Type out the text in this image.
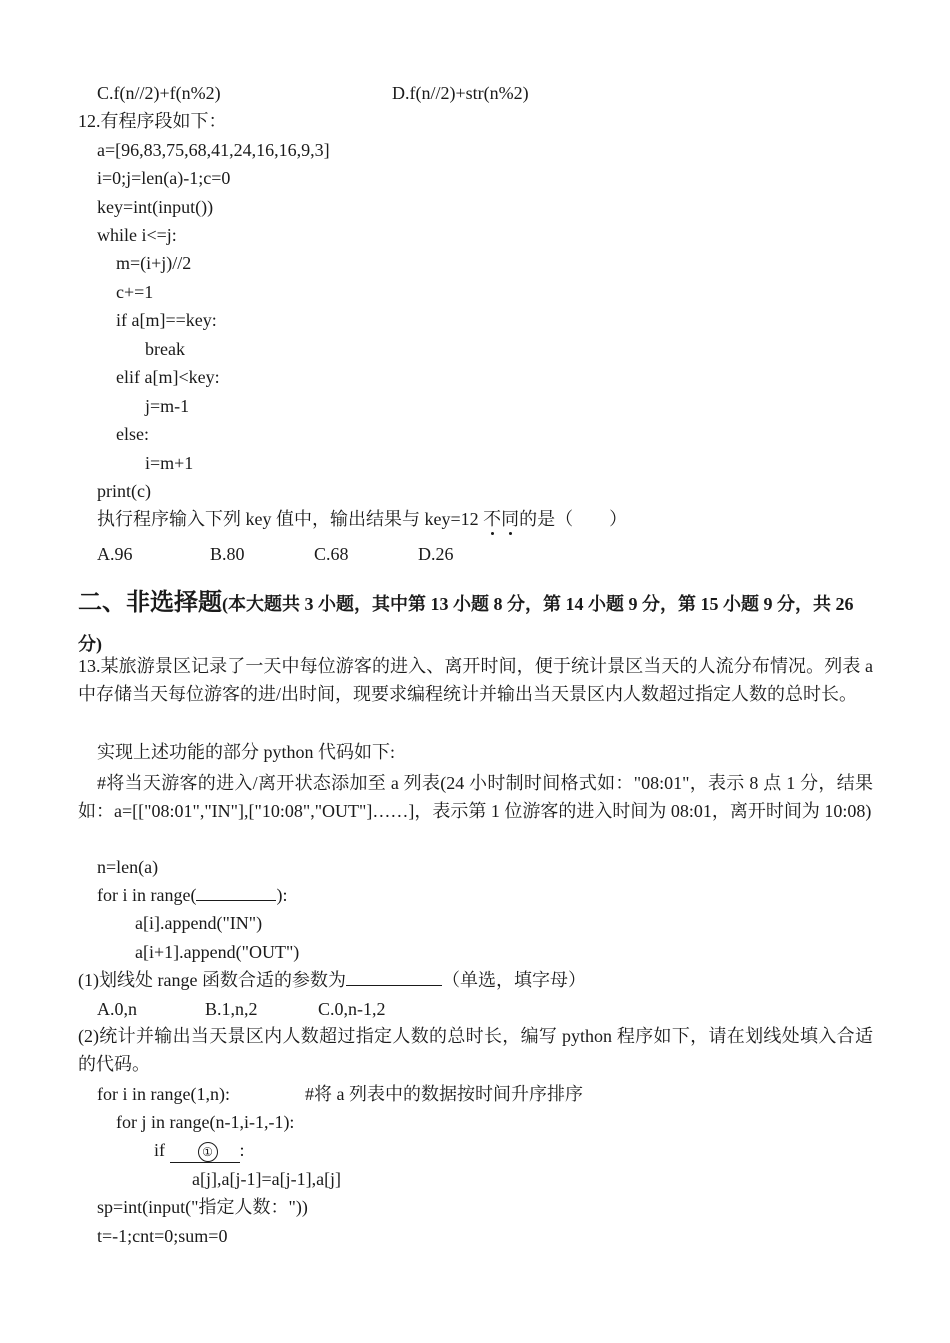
C.f(n//2)+f(n%2)	D.f(n//2)+str(n%2)
12.有程序段如下：
a=[96,83,75,68,41,24,16,16,9,3]
i=0;j=len(a)-1;c=0
key=int(input())
while i<=j:
m=(i+j)//2
c+=1
if a[m]==key:
break
elif a[m]<key:
j=m-1
else:
i=m+1
print(c)
执行程序输入下列 key 值中，输出结果与 key=12 不同的是（        ）
A.96	B.80	C.68	D.26
二、非选择题(本大题共 3 小题，其中第 13 小题 8 分，第 14 小题 9 分，第 15 小题 9 分，共 26 分)
13.某旅游景区记录了一天中每位游客的进入、离开时间，便于统计景区当天的人流分布情况。列表 a 中存储当天每位游客的进/出时间，现要求编程统计并输出当天景区内人数超过指定人数的总时长。
实现上述功能的部分 python 代码如下:
#将当天游客的进入/离开状态添加至 a 列表(24 小时制时间格式如："08:01"，表示 8 点 1 分，结果如：a=[["08:01","IN"],["10:08","OUT"]……]，表示第 1 位游客的进入时间为 08:01，离开时间为 10:08)
n=len(a)
for i in range(	):
a[i].append("IN")
a[i+1].append("OUT")
(1)划线处 range 函数合适的参数为	（单选，填字母）
A.0,n	B.1,n,2	C.0,n-1,2
(2)统计并输出当天景区内人数超过指定人数的总时长，编写 python 程序如下，请在划线处填入合适的代码。
for i in range(1,n):	#将 a 列表中的数据按时间升序排序
for j in range(n-1,i-1,-1):
if	① :
a[j],a[j-1]=a[j-1],a[j]
sp=int(input("指定人数："))
t=-1;cnt=0;sum=0
